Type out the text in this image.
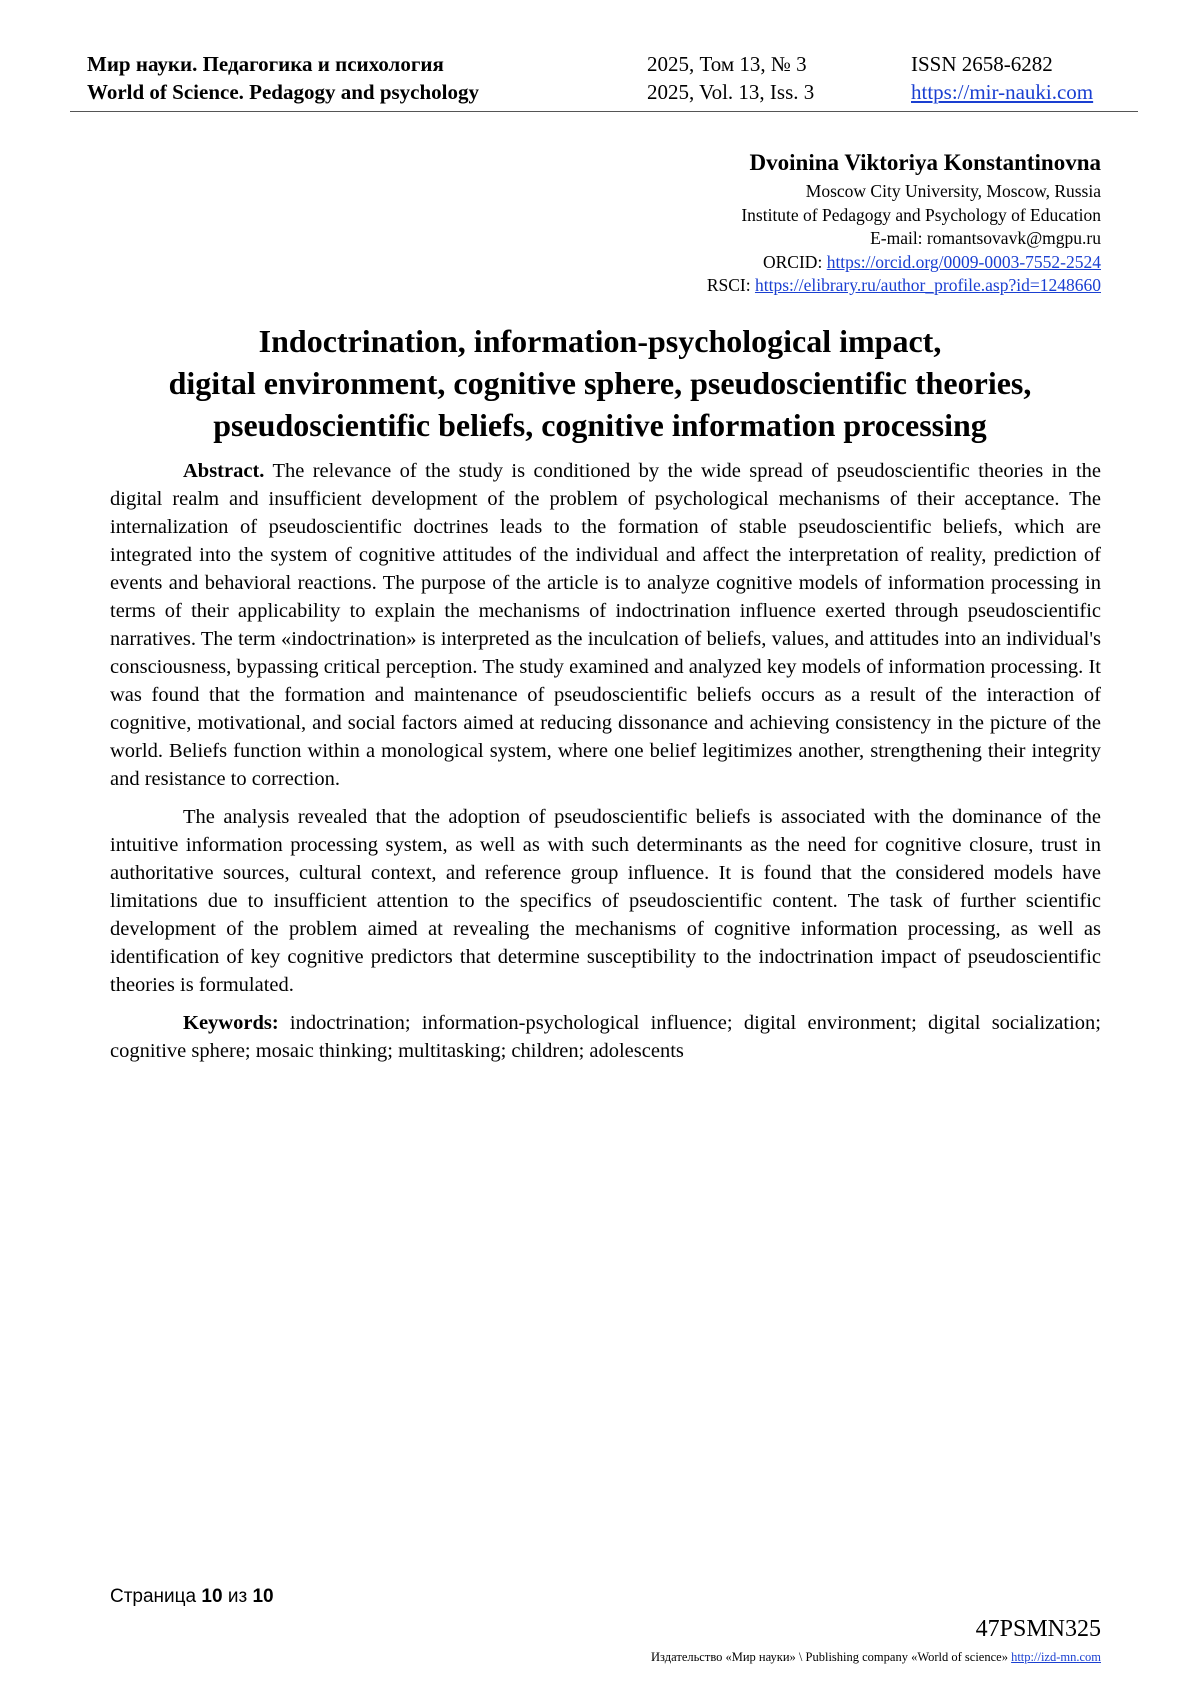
Мир науки. Педагогика и психология
World of Science. Pedagogy and psychology
2025, Том 13, № 3
2025, Vol. 13, Iss. 3
ISSN 2658-6282
https://mir-nauki.com
Dvoinina Viktoriya Konstantinovna
Moscow City University, Moscow, Russia
Institute of Pedagogy and Psychology of Education
E-mail: romantsovavk@mgpu.ru
ORCID: https://orcid.org/0009-0003-7552-2524
RSCI: https://elibrary.ru/author_profile.asp?id=1248660
Indoctrination, information-psychological impact,
digital environment, cognitive sphere, pseudoscientific theories,
pseudoscientific beliefs, cognitive information processing

Abstract. The relevance of the study is conditioned by the wide spread of pseudoscientific theories in the digital realm and insufficient development of the problem of psychological mechanisms of their acceptance. The internalization of pseudoscientific doctrines leads to the formation of stable pseudoscientific beliefs, which are integrated into the system of cognitive attitudes of the individual and affect the interpretation of reality, prediction of events and behavioral reactions. The purpose of the article is to analyze cognitive models of information processing in terms of their applicability to explain the mechanisms of indoctrination influence exerted through pseudoscientific narratives. The term «indoctrination» is interpreted as the inculcation of beliefs, values, and attitudes into an individual's consciousness, bypassing critical perception. The study examined and analyzed key models of information processing. It was found that the formation and maintenance of pseudoscientific beliefs occurs as a result of the interaction of cognitive, motivational, and social factors aimed at reducing dissonance and achieving consistency in the picture of the world. Beliefs function within a monological system, where one belief legitimizes another, strengthening their integrity and resistance to correction.

The analysis revealed that the adoption of pseudoscientific beliefs is associated with the dominance of the intuitive information processing system, as well as with such determinants as the need for cognitive closure, trust in authoritative sources, cultural context, and reference group influence. It is found that the considered models have limitations due to insufficient attention to the specifics of pseudoscientific content. The task of further scientific development of the problem aimed at revealing the mechanisms of cognitive information processing, as well as identification of key cognitive predictors that determine susceptibility to the indoctrination impact of pseudoscientific theories is formulated.

Keywords: indoctrination; information-psychological influence; digital environment; digital socialization; cognitive sphere; mosaic thinking; multitasking; children; adolescents

Страница 10 из 10
47PSMN325
Издательство «Мир науки» \ Publishing company «World of science» http://izd-mn.com
